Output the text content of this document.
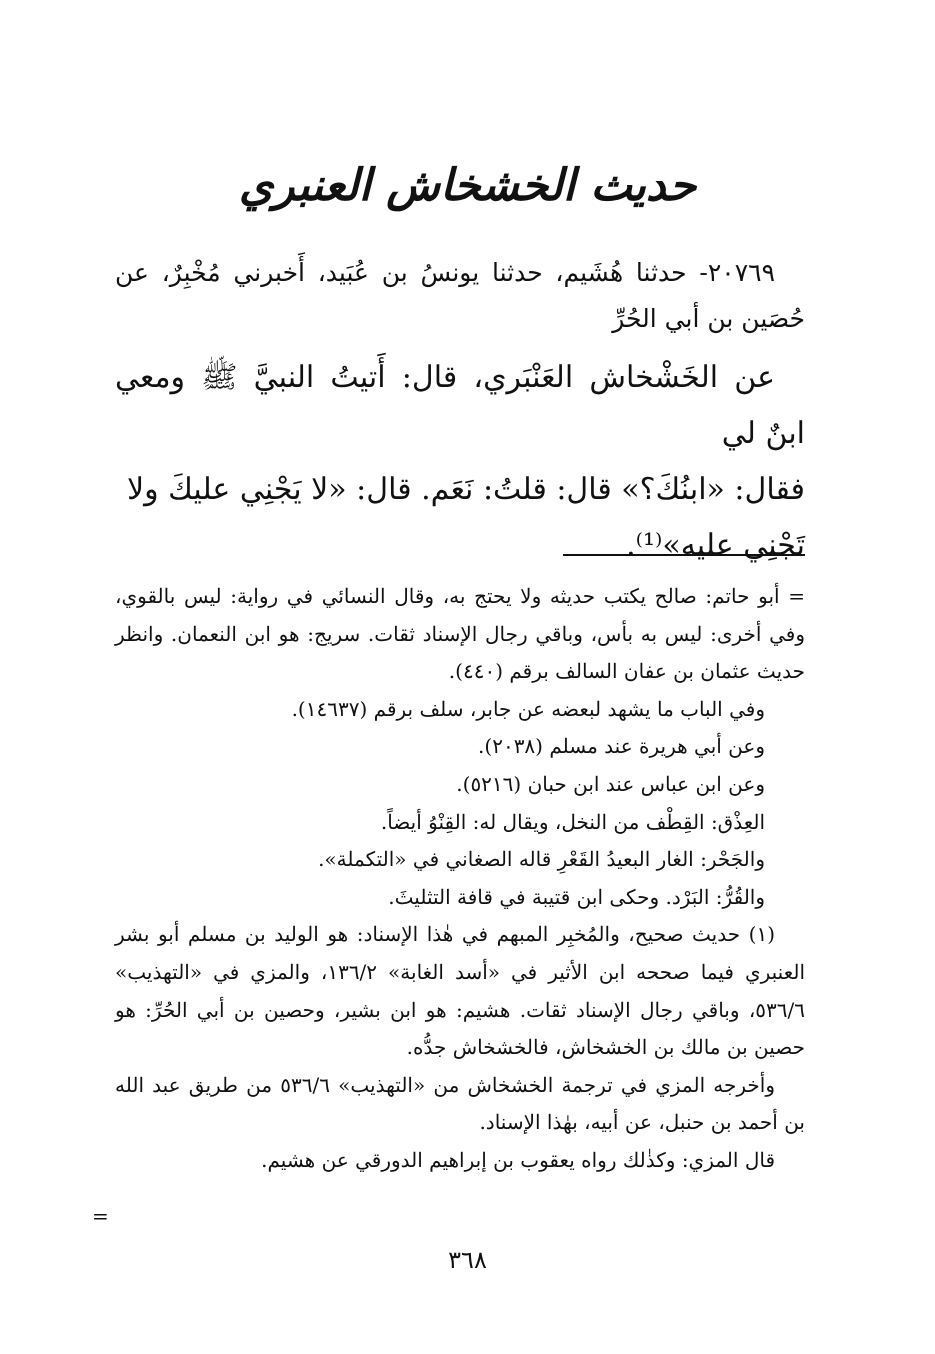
حديث الخشخاش العنبري

٢٠٧٦٩- حدثنا هُشَيم، حدثنا يونسُ بن عُبَيد، أَخبرني مُخْبِرٌ، عن حُصَين بن أبي الحُرِّ

عن الخَشْخاش العَنْبَري، قال: أَتيتُ النبيَّ ﷺ ومعي ابنٌ لي

فقال: «ابنُكَ؟» قال: قلتُ: نَعَم. قال: «لا يَجْنِي عليكَ ولا

تَجْنِي عليه»⁽¹⁾.

= أبو حاتم: صالح يكتب حديثه ولا يحتج به، وقال النسائي في رواية: ليس بالقوي، وفي أخرى: ليس به بأس، وباقي رجال الإسناد ثقات. سريج: هو ابن النعمان. وانظر حديث عثمان بن عفان السالف برقم (٤٤٠).

وفي الباب ما يشهد لبعضه عن جابر، سلف برقم (١٤٦٣٧).

وعن أبي هريرة عند مسلم (٢٠٣٨).

وعن ابن عباس عند ابن حبان (٥٢١٦).

العِذْق: القِطْف من النخل، ويقال له: القِنْوُ أيضاً.

والجَحْر: الغار البعيدُ القَعْرِ قاله الصغاني في «التكملة».

والقُرُّ: البَرْد. وحكى ابن قتيبة في قافة التثليثَ.

(١) حديث صحيح، والمُخبِر المبهم في هٰذا الإسناد: هو الوليد بن مسلم أبو بشر العنبري فيما صححه ابن الأثير في «أسد الغابة» ١٣٦/٢، والمزي في «التهذيب» ٥٣٦/٦، وباقي رجال الإسناد ثقات. هشيم: هو ابن بشير، وحصين بن أبي الحُرِّ: هو حصين بن مالك بن الخشخاش، فالخشخاش جدُّه.

وأخرجه المزي في ترجمة الخشخاش من «التهذيب» ٥٣٦/٦ من طريق عبد الله بن أحمد بن حنبل، عن أبيه، بهٰذا الإسناد.

قال المزي: وكذٰلك رواه يعقوب بن إبراهيم الدورقي عن هشيم.

=
٣٦٨
